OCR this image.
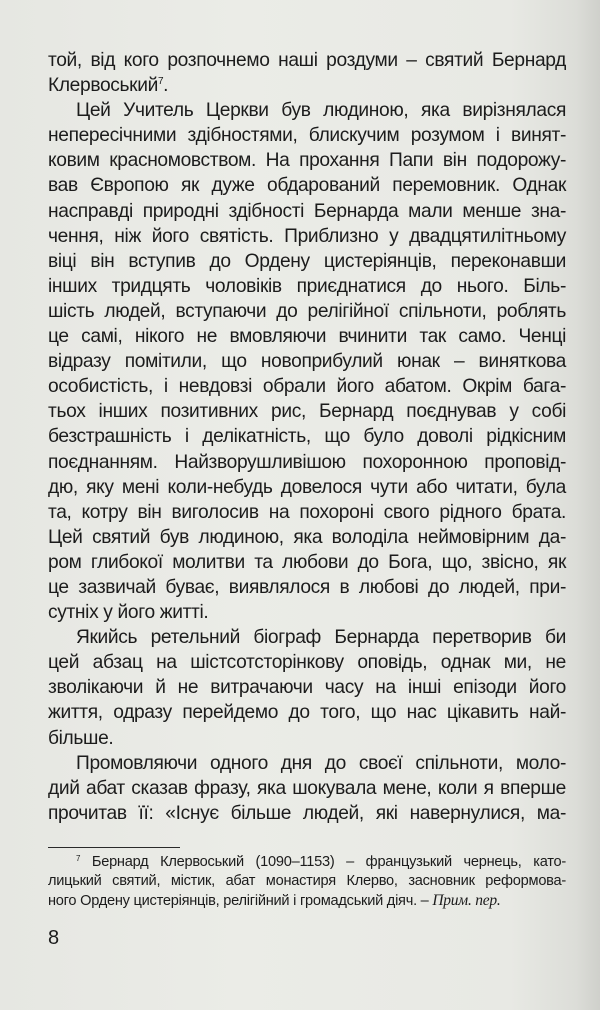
той, від кого розпочнемо наші роздуми – святий Бернард
Клервоський$^7$.

Цей Учитель Церкви був людиною, яка вирізнялася
непересічними здібностями, блискучим розумом і винят-
ковим красномовством. На прохання Папи він подорожу-
вав Європою як дуже обдарований перемовник. Однак
насправді природні здібності Бернарда мали менше зна-
чення, ніж його святість. Приблизно у двадцятилітньому
віці він вступив до Ордену цистеріянців, переконавши
інших тридцять чоловіків приєднатися до нього. Біль-
шість людей, вступаючи до релігійної спільноти, роблять
це самі, нікого не вмовляючи вчинити так само. Ченці
відразу помітили, що новоприбулий юнак – виняткова
особистість, і невдовзі обрали його абатом. Окрім бага-
тьох інших позитивних рис, Бернард поєднував у собі
безстрашність і делікатність, що було доволі рідкісним
поєднанням. Найзворушливішою похоронною проповід-
дю, яку мені коли-небудь довелося чути або читати, була
та, котру він виголосив на похороні свого рідного брата.
Цей святий був людиною, яка володіла неймовірним да-
ром глибокої молитви та любови до Бога, що, звісно, як
це зазвичай буває, виявлялося в любові до людей, при-
сутніх у його житті.

Якийсь ретельний біограф Бернарда перетворив би
цей абзац на шістсотсторінкову оповідь, однак ми, не
зволікаючи й не витрачаючи часу на інші епізоди його
життя, одразу перейдемо до того, що нас цікавить най-
більше.

Промовляючи одного дня до своєї спільноти, моло-
дий абат сказав фразу, яка шокувала мене, коли я вперше
прочитав її: «Існує більше людей, які навернулися, ма-

$^7$ Бернард Клервоський (1090–1153) – французький чернець, като-
лицький святий, містик, абат монастиря Клерво, засновник реформова-
ного Ордену цистеріянців, релігійний і громадський діяч. – Прим. пер.
8
